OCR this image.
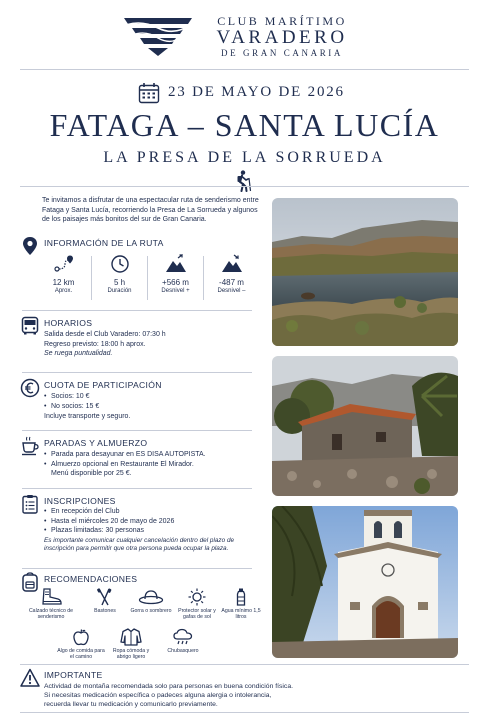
CLUB MARÍTIMO
VARADERO
DE GRAN CANARIA
23 DE MAYO DE 2026
FATAGA – SANTA LUCÍA
LA PRESA DE LA SORRUEDA
Te invitamos a disfrutar de una espectacular ruta de senderismo entre Fataga y Santa Lucía, recorriendo la Presa de La Sorrueda y algunos de los paisajes más bonitos del sur de Gran Canaria.
INFORMACIÓN DE LA RUTA
12 km
Aprox.
5 h
Duración
+566 m
Desnivel +
-487 m
Desnivel –
HORARIOS
Salida desde el Club Varadero: 07:30 h
Regreso previsto: 18:00 h aprox.
Se ruega puntualidad.
CUOTA DE PARTICIPACIÓN
• Socios: 10 €
• No socios: 15 €
Incluye transporte y seguro.
PARADAS Y ALMUERZO
• Parada para desayunar en ES DISA AUTOPISTA.
• Almuerzo opcional en Restaurante El Mirador.
Menú disponible por 25 €.
INSCRIPCIONES
• En recepción del Club
• Hasta el miércoles 20 de mayo de 2026
• Plazas limitadas: 30 personas
Es importante comunicar cualquier cancelación dentro del plazo de inscripción para permitir que otra persona pueda ocupar la plaza.
RECOMENDACIONES
Calzado técnico de senderismo
Bastones	Gorra o sombrero	Protector solar y gafas de sol
Agua mínimo 1,5 litros
Algo de comida para el camino
Ropa cómoda y abrigo ligero
Chubasquero
IMPORTANTE
Actividad de montaña recomendada solo para personas en buena condición física.
Si necesitas medicación específica o padeces alguna alergia o intolerancia,
recuerda llevar tu medicación y comunicarlo previamente.
